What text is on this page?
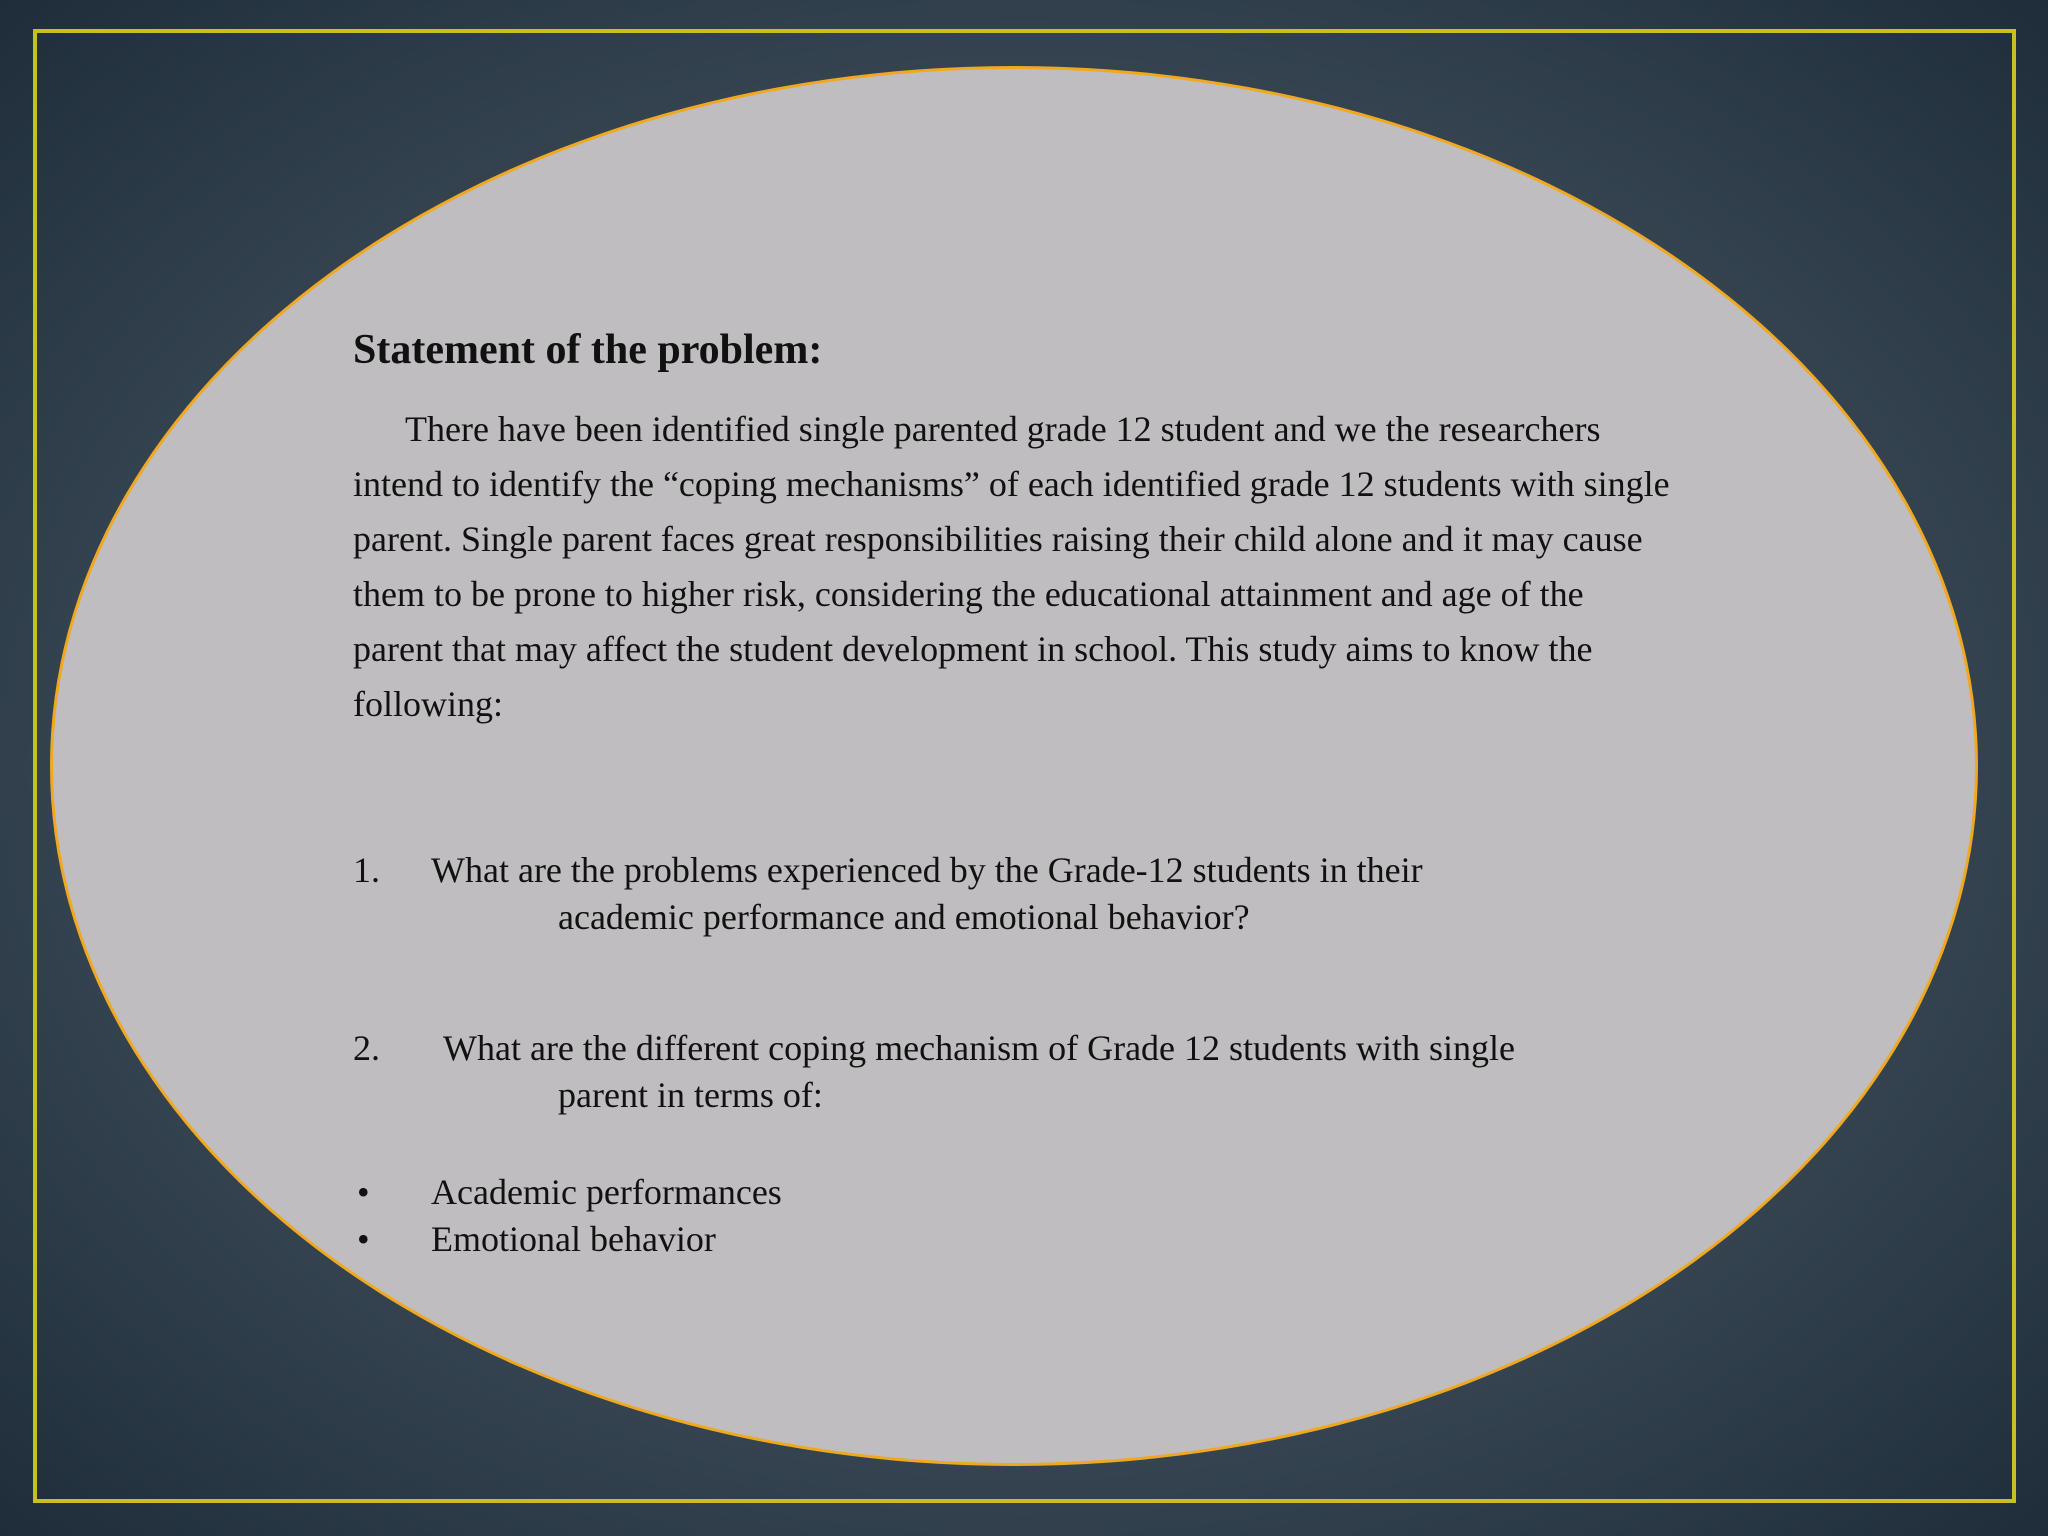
Statement of the problem:

There have been identified single parented grade 12 student and we the researchers intend to identify the “coping mechanisms” of each identified grade 12 students with single parent. Single parent faces great responsibilities raising their child alone and it may cause them to be prone to higher risk, considering the educational attainment and age of the parent that may affect the student development in school. This study aims to know the following:

1.	What are the problems experienced by the Grade-12 students in their
academic performance and emotional behavior?
2.	What are the different coping mechanism of Grade 12 students with single
parent in terms of:
• Academic performances
• Emotional behavior
